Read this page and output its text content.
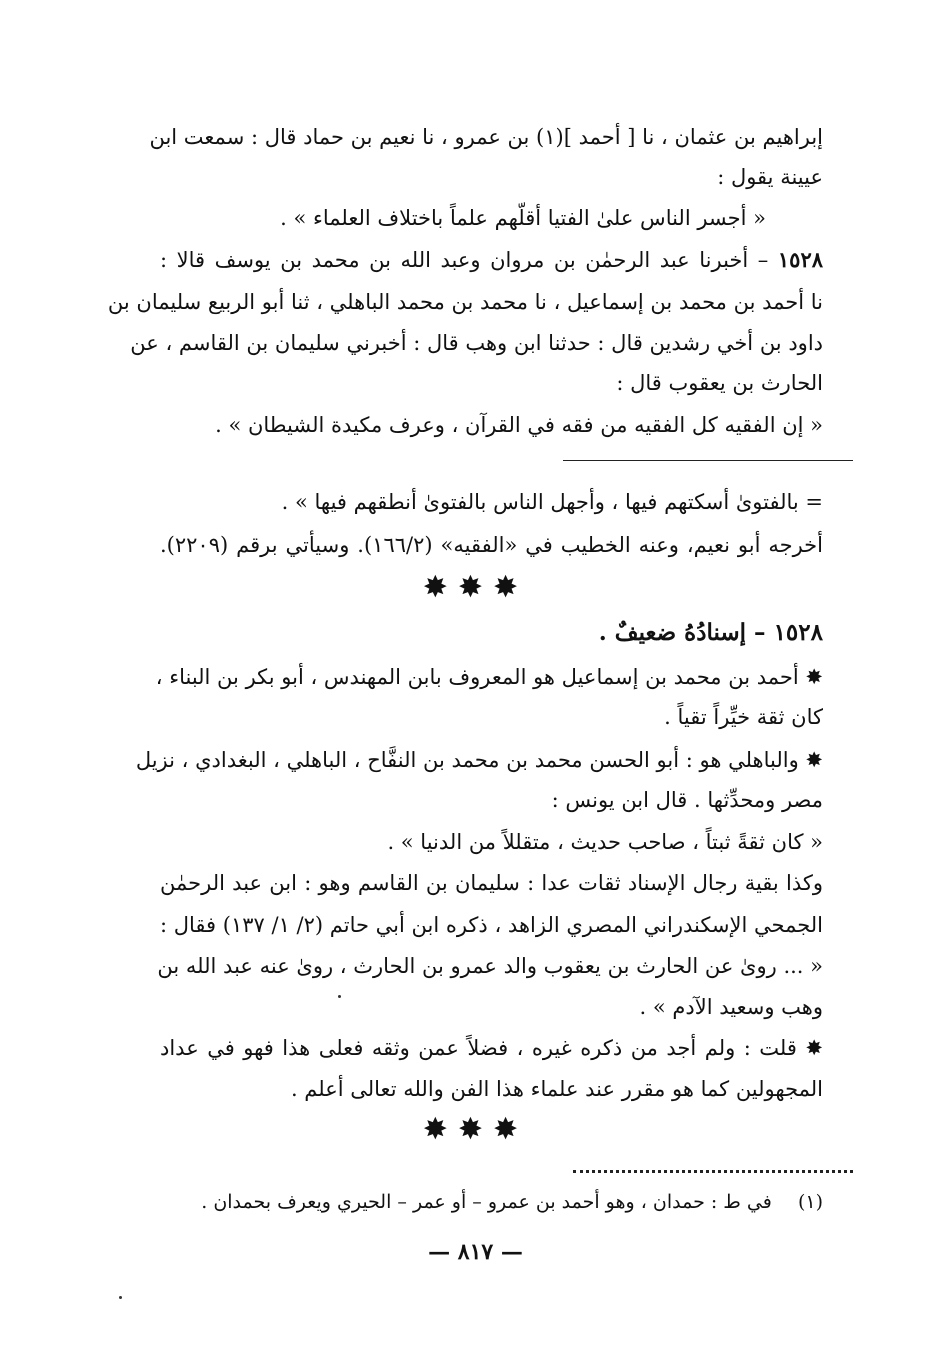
إبراهيم بن عثمان ، نا [ أحمد ](١) بن عمرو ، نا نعيم بن حماد قال : سمعت ابن
عيينة يقول :
« أجسر الناس علىٰ الفتيا أقلّهم علماً باختلاف العلماء » .
١٥٢٨ – أخبرنا عبد الرحمٰن بن مروان وعبد الله بن محمد بن يوسف قالا :
نا أحمد بن محمد بن إسماعيل ، نا محمد بن محمد الباهلي ، ثنا أبو الربيع سليمان بن
داود بن أخي رشدين قال : حدثنا ابن وهب قال : أخبرني سليمان بن القاسم ، عن
الحارث بن يعقوب قال :
« إن الفقيه كل الفقيه من فقه في القرآن ، وعرف مكيدة الشيطان » .
= بالفتوىٰ أسكتهم فيها ، وأجهل الناس بالفتوىٰ أنطقهم فيها » .
أخرجه أبو نعيم، وعنه الخطيب في «الفقيه» (١٦٦/٢). وسيأتي برقم (٢٢٠٩).
✸✸✸
١٥٢٨ – إسنادُهُ ضعيفٌ .
✸ أحمد بن محمد بن إسماعيل هو المعروف بابن المهندس ، أبو بكر بن البناء ،
كان ثقة خيِّراً تقياً .
✸ والباهلي هو : أبو الحسن محمد بن محمد بن النفَّاح ، الباهلي ، البغدادي ، نزيل
مصر ومحدِّثها . قال ابن يونس :
« كان ثقةً ثبتاً ، صاحب حديث ، متقللاً من الدنيا » .
وكذا بقية رجال الإسناد ثقات عدا : سليمان بن القاسم وهو : ابن عبد الرحمٰن
الجمحي الإسكندراني المصري الزاهد ، ذكره ابن أبي حاتم (٢/ ١/ ١٣٧) فقال :
« ... روىٰ عن الحارث بن يعقوب والد عمرو بن الحارث ، روىٰ عنه عبد الله بن
وهب وسعيد الآدم » .
✸ قلت : ولم أجد من ذكره غيره ، فضلاً عمن وثقه فعلى هذا فهو في عداد
المجهولين كما هو مقرر عند علماء هذا الفن والله تعالى أعلم .
✸✸✸
(١)  في ط : حمدان ، وهو أحمد بن عمرو – أو عمر – الحيري ويعرف بحمدان .
— ٨١٧ —
